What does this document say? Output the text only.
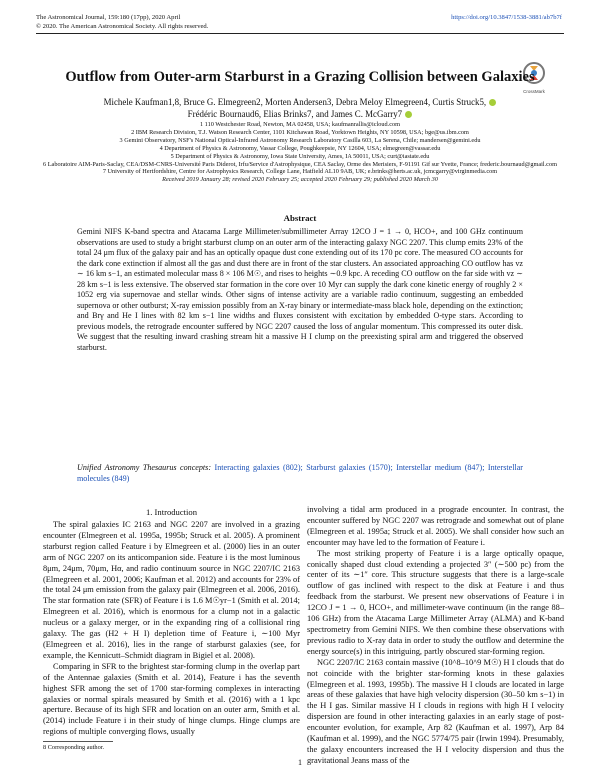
The Astronomical Journal, 159:180 (17pp), 2020 April	https://doi.org/10.3847/1538-3881/ab7b7f
© 2020. The American Astronomical Society. All rights reserved.
CrossMark
Outflow from Outer-arm Starburst in a Grazing Collision between Galaxies
Michele Kaufman1,8, Bruce G. Elmegreen2, Morten Andersen3, Debra Meloy Elmegreen4, Curtis Struck5,
Frédéric Bournaud6, Elias Brinks7, and James C. McGarry7
1 110 Westchester Road, Newton, MA 02458, USA; kaufmanrallis@icloud.com
2 IBM Research Division, T.J. Watson Research Center, 1101 Kitchawan Road, Yorktown Heights, NY 10598, USA; bge@us.ibm.com
3 Gemini Observatory, NSF's National Optical-Infrared Astronomy Research Laboratory Casilla 603, La Serena, Chile; mandersen@gemini.edu
4 Department of Physics & Astronomy, Vassar College, Poughkeepsie, NY 12604, USA; elmegreen@vassar.edu
5 Department of Physics & Astronomy, Iowa State University, Ames, IA 50011, USA; curt@iastate.edu
6 Laboratoire AIM-Paris-Saclay, CEA/DSM-CNRS-Université Paris Diderot, Irfu/Service d'Astrophysique, CEA Saclay, Orme des Merisiers, F-91191 Gif sur Yvette, France; frederic.bournaud@gmail.com
7 University of Hertfordshire, Centre for Astrophysics Research, College Lane, Hatfield AL10 9AB, UK; e.brinks@herts.ac.uk, jcmcgarry@virginmedia.com
Received 2019 January 28; revised 2020 February 25; accepted 2020 February 29; published 2020 March 30
Abstract
Gemini NIFS K-band spectra and Atacama Large Millimeter/submillimeter Array 12CO J = 1 → 0, HCO+, and 100 GHz continuum observations are used to study a bright starburst clump on an outer arm of the interacting galaxy NGC 2207. This clump emits 23% of the total 24 μm flux of the galaxy pair and has an optically opaque dust cone extending out of its 170 pc core. The measured CO accounts for the dark cone extinction if almost all the gas and dust there are in front of the star clusters. An associated approaching CO outflow has vz ∼ 16 km s−1, an estimated molecular mass 8 × 106 M☉, and rises to heights ∼0.9 kpc. A receding CO outflow on the far side with vz ∼ 28 km s−1 is less extensive. The observed star formation in the core over 10 Myr can supply the dark cone kinetic energy of roughly 2 × 1052 erg via supernovae and stellar winds. Other signs of intense activity are a variable radio continuum, suggesting an embedded supernova or other outburst; X-ray emission possibly from an X-ray binary or intermediate-mass black hole, depending on the extinction; and Brγ and He I lines with 82 km s−1 line widths and fluxes consistent with excitation by embedded O-type stars. According to previous models, the retrograde encounter suffered by NGC 2207 caused the loss of angular momentum. This compressed its outer disk. We suggest that the resulting inward crashing stream hit a massive H I clump on the preexisting spiral arm and triggered the observed starburst.
Unified Astronomy Thesaurus concepts: Interacting galaxies (802); Starburst galaxies (1570); Interstellar medium (847); Interstellar molecules (849)
1. Introduction

The spiral galaxies IC 2163 and NGC 2207 are involved in a grazing encounter (Elmegreen et al. 1995a, 1995b; Struck et al. 2005). A prominent starburst region called Feature i by Elmegreen et al. (2000) lies in an outer arm of NGC 2207 on its anticompanion side. Feature i is the most luminous 8μm, 24μm, 70μm, Hα, and radio continuum source in NGC 2207/IC 2163 (Elmegreen et al. 2001, 2006; Kaufman et al. 2012) and accounts for 23% of the total 24 μm emission from the galaxy pair (Elmegreen et al. 2006, 2016). The star formation rate (SFR) of Feature i is 1.6 M☉yr−1 (Smith et al. 2014; Elmegreen et al. 2016), which is enormous for a clump not in a galactic nucleus or a galaxy merger, or in the expanding ring of a collisional ring galaxy. The gas (H2 + H I) depletion time of Feature i, ∼100 Myr (Elmegreen et al. 2016), lies in the range of starburst galaxies (see, for example, the Kennicutt–Schmidt diagram in Bigiel et al. 2008).

Comparing in SFR to the brightest star-forming clump in the overlap part of the Antennae galaxies (Smith et al. 2014), Feature i has the seventh highest SFR among the set of 1700 star-forming complexes in interacting galaxies or normal spirals measured by Smith et al. (2016) with a 1 kpc aperture. Because of its high SFR and location on an outer arm, Smith et al. (2014) include Feature i in their study of hinge clumps. Hinge clumps are regions of multiple converging flows, usually

involving a tidal arm produced in a prograde encounter. In contrast, the encounter suffered by NGC 2207 was retrograde and somewhat out of plane (Elmegreen et al. 1995a; Struck et al. 2005). We shall consider how such an encounter may have led to the formation of Feature i.

The most striking property of Feature i is a large optically opaque, conically shaped dust cloud extending a projected 3″ (∼500 pc) from the center of its ∼1″ core. This structure suggests that there is a large-scale outflow of gas inclined with respect to the disk at Feature i and thus feedback from the starburst. We present new observations of Feature i in 12CO J = 1 → 0, HCO+, and millimeter-wave continuum (in the range 88–106 GHz) from the Atacama Large Millimeter Array (ALMA) and K-band spectrometry from Gemini NIFS. We then combine these observations with previous radio to X-ray data in order to study the outflow and determine the energy source(s) in this intriguing, partly obscured star-forming region.

NGC 2207/IC 2163 contain massive (10^8–10^9 M☉) H I clouds that do not coincide with the brighter star-forming knots in these galaxies (Elmegreen et al. 1993, 1995b). The massive H I clouds are located in large areas of these galaxies that have high velocity dispersion (30–50 km s−1) in the H I gas. Similar massive H I clouds in regions with high H I velocity dispersion are found in other interacting galaxies in an early stage of post-encounter evolution, for example, Arp 82 (Kaufman et al. 1997), Arp 84 (Kaufman et al. 1999), and the NGC 5774/75 pair (Irwin 1994). Presumably, the galaxy encounters increased the H I velocity dispersion and thus the gravitational Jeans mass of the

8 Corresponding author.
1
